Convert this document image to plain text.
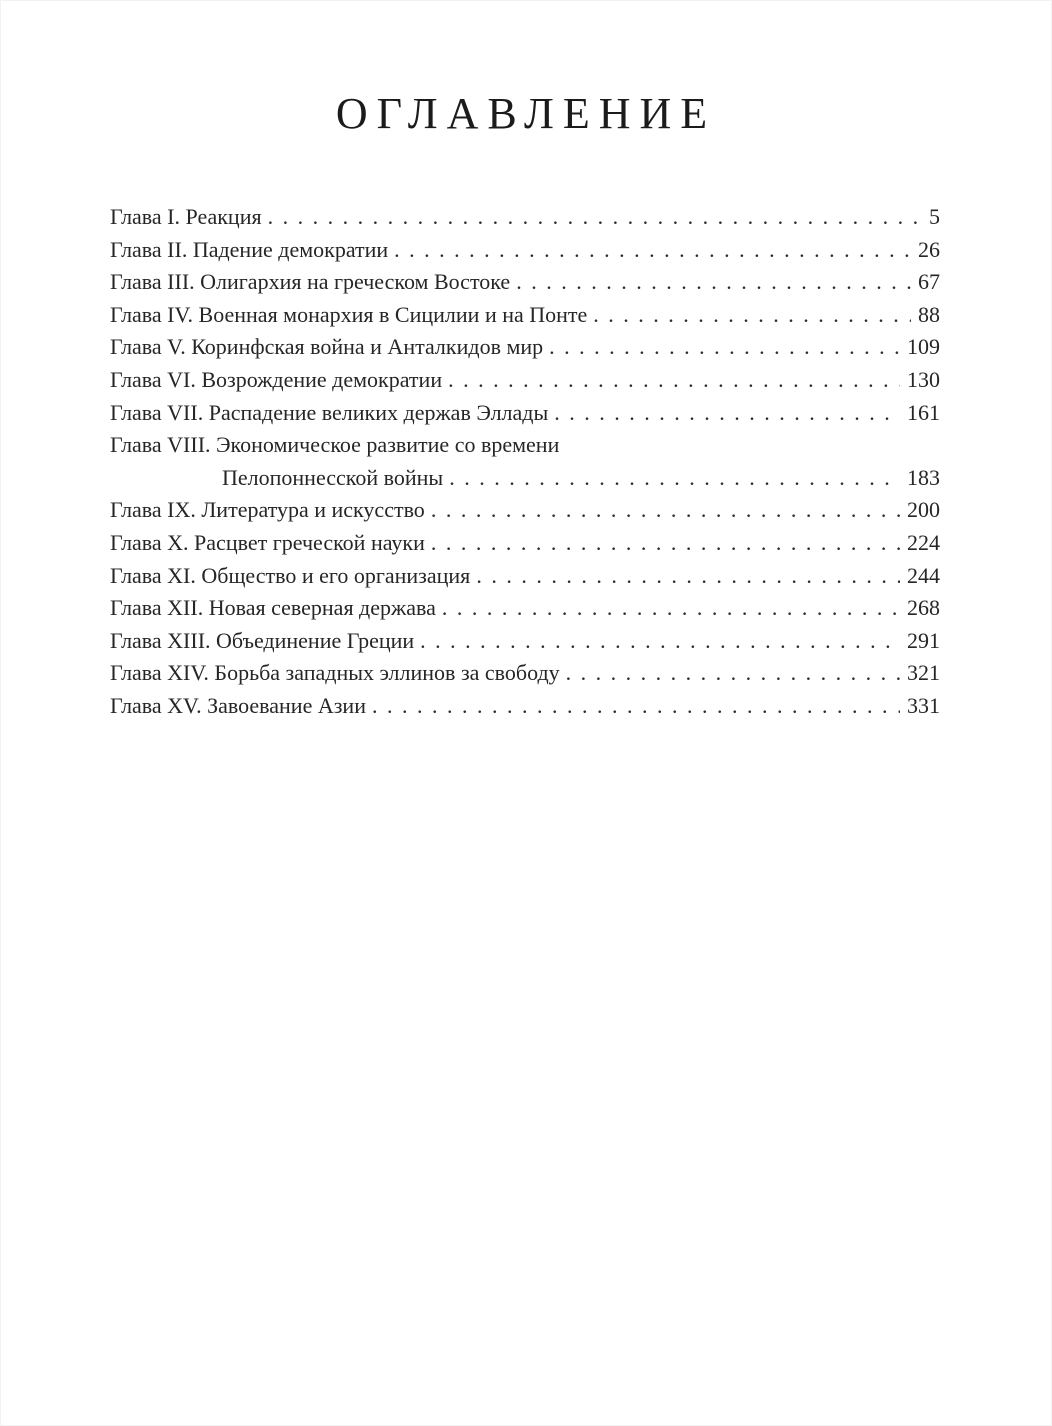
ОГЛАВЛЕНИЕ
Глава I. Реакция . . .	5
Глава II. Падение демократии . . .	26
Глава III. Олигархия на греческом Востоке . . .	67
Глава IV. Военная монархия в Сицилии и на Понте . . .	88
Глава V. Коринфская война и Анталкидов мир . . .	109
Глава VI. Возрождение демократии . . .	130
Глава VII. Распадение великих держав Эллады . . .	161
Глава VIII. Экономическое развитие со времени
Пелопоннесской войны . . .	183
Глава IX. Литература и искусство . . .	200
Глава X. Расцвет греческой науки . . .	224
Глава XI. Общество и его организация . . .	244
Глава XII. Новая северная держава . . .	268
Глава XIII. Объединение Греции . . .	291
Глава XIV. Борьба западных эллинов за свободу . . .	321
Глава XV. Завоевание Азии . . .	331
